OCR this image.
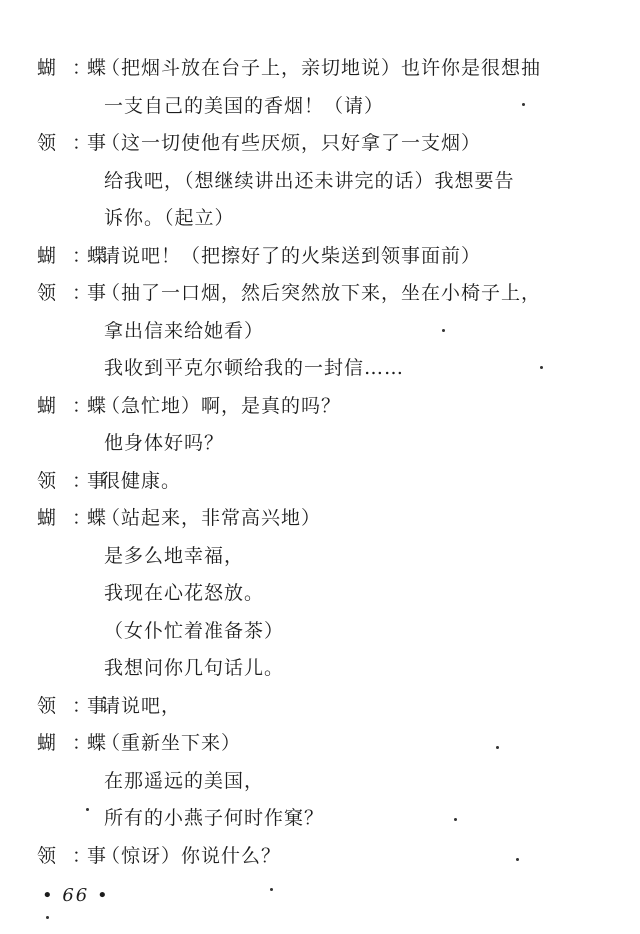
蝴 蝶
： （把烟斗放在台子上，亲切地说）也许你是很想抽
一支自己的美国的香烟！（请）
领 事
： （这一切使他有些厌烦，只好拿了一支烟）
给我吧，（想继续讲出还未讲完的话）我想要告
诉你。（起立）
蝴 蝶
： 请说吧！（把擦好了的火柴送到领事面前）
领 事
： （抽了一口烟，然后突然放下来，坐在小椅子上，
拿出信来给她看）
我收到平克尔顿给我的一封信……
蝴 蝶
： （急忙地）啊，是真的吗？
他身体好吗？
领 事
： 很健康。
蝴 蝶
： （站起来，非常高兴地）
是多么地幸福，
我现在心花怒放。
（女仆忙着准备茶）
我想问你几句话儿。
领 事
： 请说吧，
蝴 蝶
： （重新坐下来）
在那遥远的美国，
所有的小燕子何时作窠？
领 事
： （惊讶）你说什么？
• 66 •
